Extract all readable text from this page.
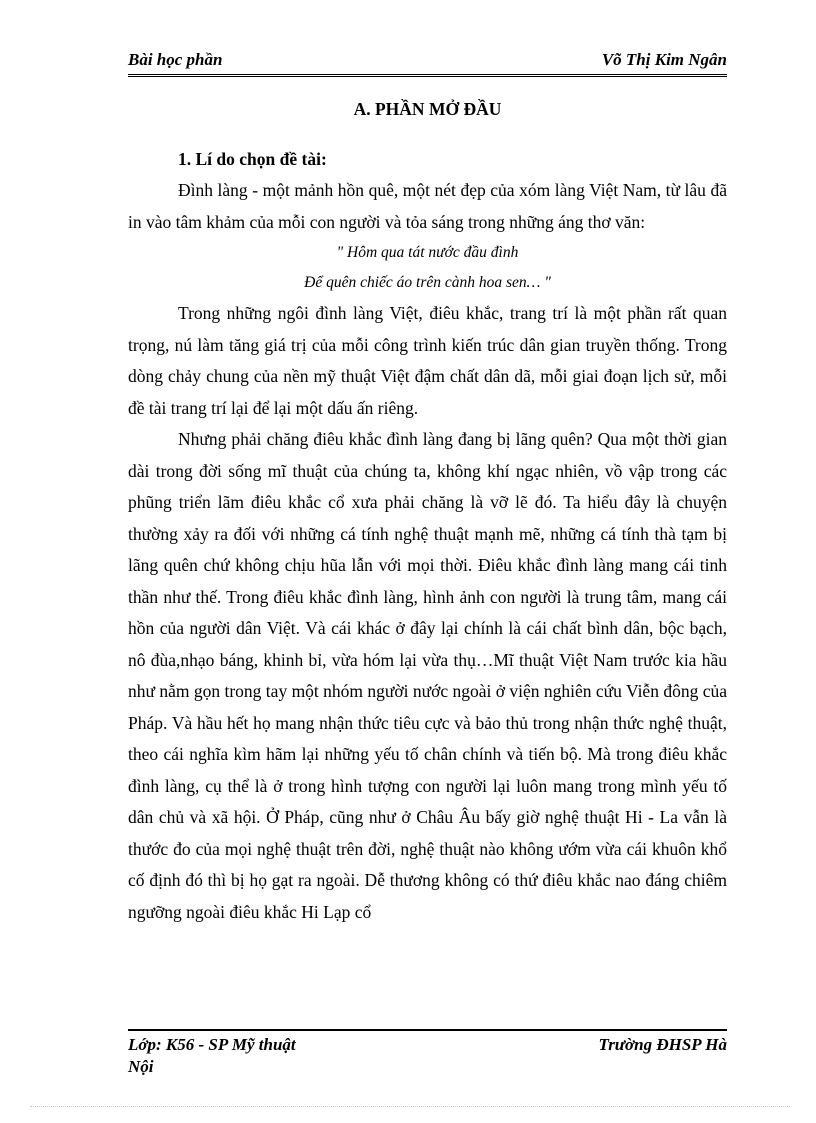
Bài học phần	Võ Thị Kim Ngân

A. PHẦN MỞ ĐẦU

1. Lí do chọn đề tài:

Đình làng - một mảnh hồn quê, một nét đẹp của xóm làng Việt Nam, từ lâu đã in vào tâm khảm của mỗi con người và tỏa sáng trong những áng thơ văn:

" Hôm qua tát nước đầu đình

Để quên chiếc áo trên cành hoa sen… "

Trong những ngôi đình làng Việt, điêu khắc, trang trí là một phần rất quan trọng, nú làm tăng giá trị của mỗi công trình kiến trúc dân gian truyền thống. Trong dòng chảy chung của nền mỹ thuật Việt đậm chất dân dã, mỗi giai đoạn lịch sử, mỗi đề tài trang trí lại để lại một dấu ấn riêng.

Nhưng phải chăng điêu khắc đình làng đang bị lãng quên? Qua một thời gian dài trong đời sống mĩ thuật của chúng ta, không khí ngạc nhiên, vồ vập trong các phũng triển lãm điêu khắc cổ xưa phải chăng là vỡ lẽ đó. Ta hiểu đây là chuyện thường xảy ra đối với những cá tính nghệ thuật mạnh mẽ, những cá tính thà tạm bị lãng quên chứ không chịu hũa lẫn với mọi thời. Điêu khắc đình làng mang cái tinh thần như thế. Trong điêu khắc đình làng, hình ảnh con người là trung tâm, mang cái hồn của người dân Việt. Và cái khác ở đây lại chính là cái chất bình dân, bộc bạch, nô đùa,nhạo báng, khinh bỉ, vừa hóm lại vừa thụ…Mĩ thuật Việt Nam trước kia hầu như nằm gọn trong tay một nhóm người nước ngoài ở viện nghiên cứu Viễn đông của Pháp. Và hầu hết họ mang nhận thức tiêu cực và bảo thủ trong nhận thức nghệ thuật, theo cái nghĩa kìm hãm lại những yếu tố chân chính và tiến bộ. Mà trong điêu khắc đình làng, cụ thể là ở trong hình tượng con người lại luôn mang trong mình yếu tố dân chủ và xã hội. Ở Pháp, cũng như ở Châu Âu bấy giờ nghệ thuật Hi - La vẫn là thước đo của mọi nghệ thuật trên đời, nghệ thuật nào không ướm vừa cái khuôn khổ cố định đó thì bị họ gạt ra ngoài. Dễ thương không có thứ điêu khắc nao đáng chiêm ngưỡng ngoài điêu khắc Hi Lạp cổ

Lớp: K56 - SP Mỹ thuật	Trường ĐHSP Hà
Nội
